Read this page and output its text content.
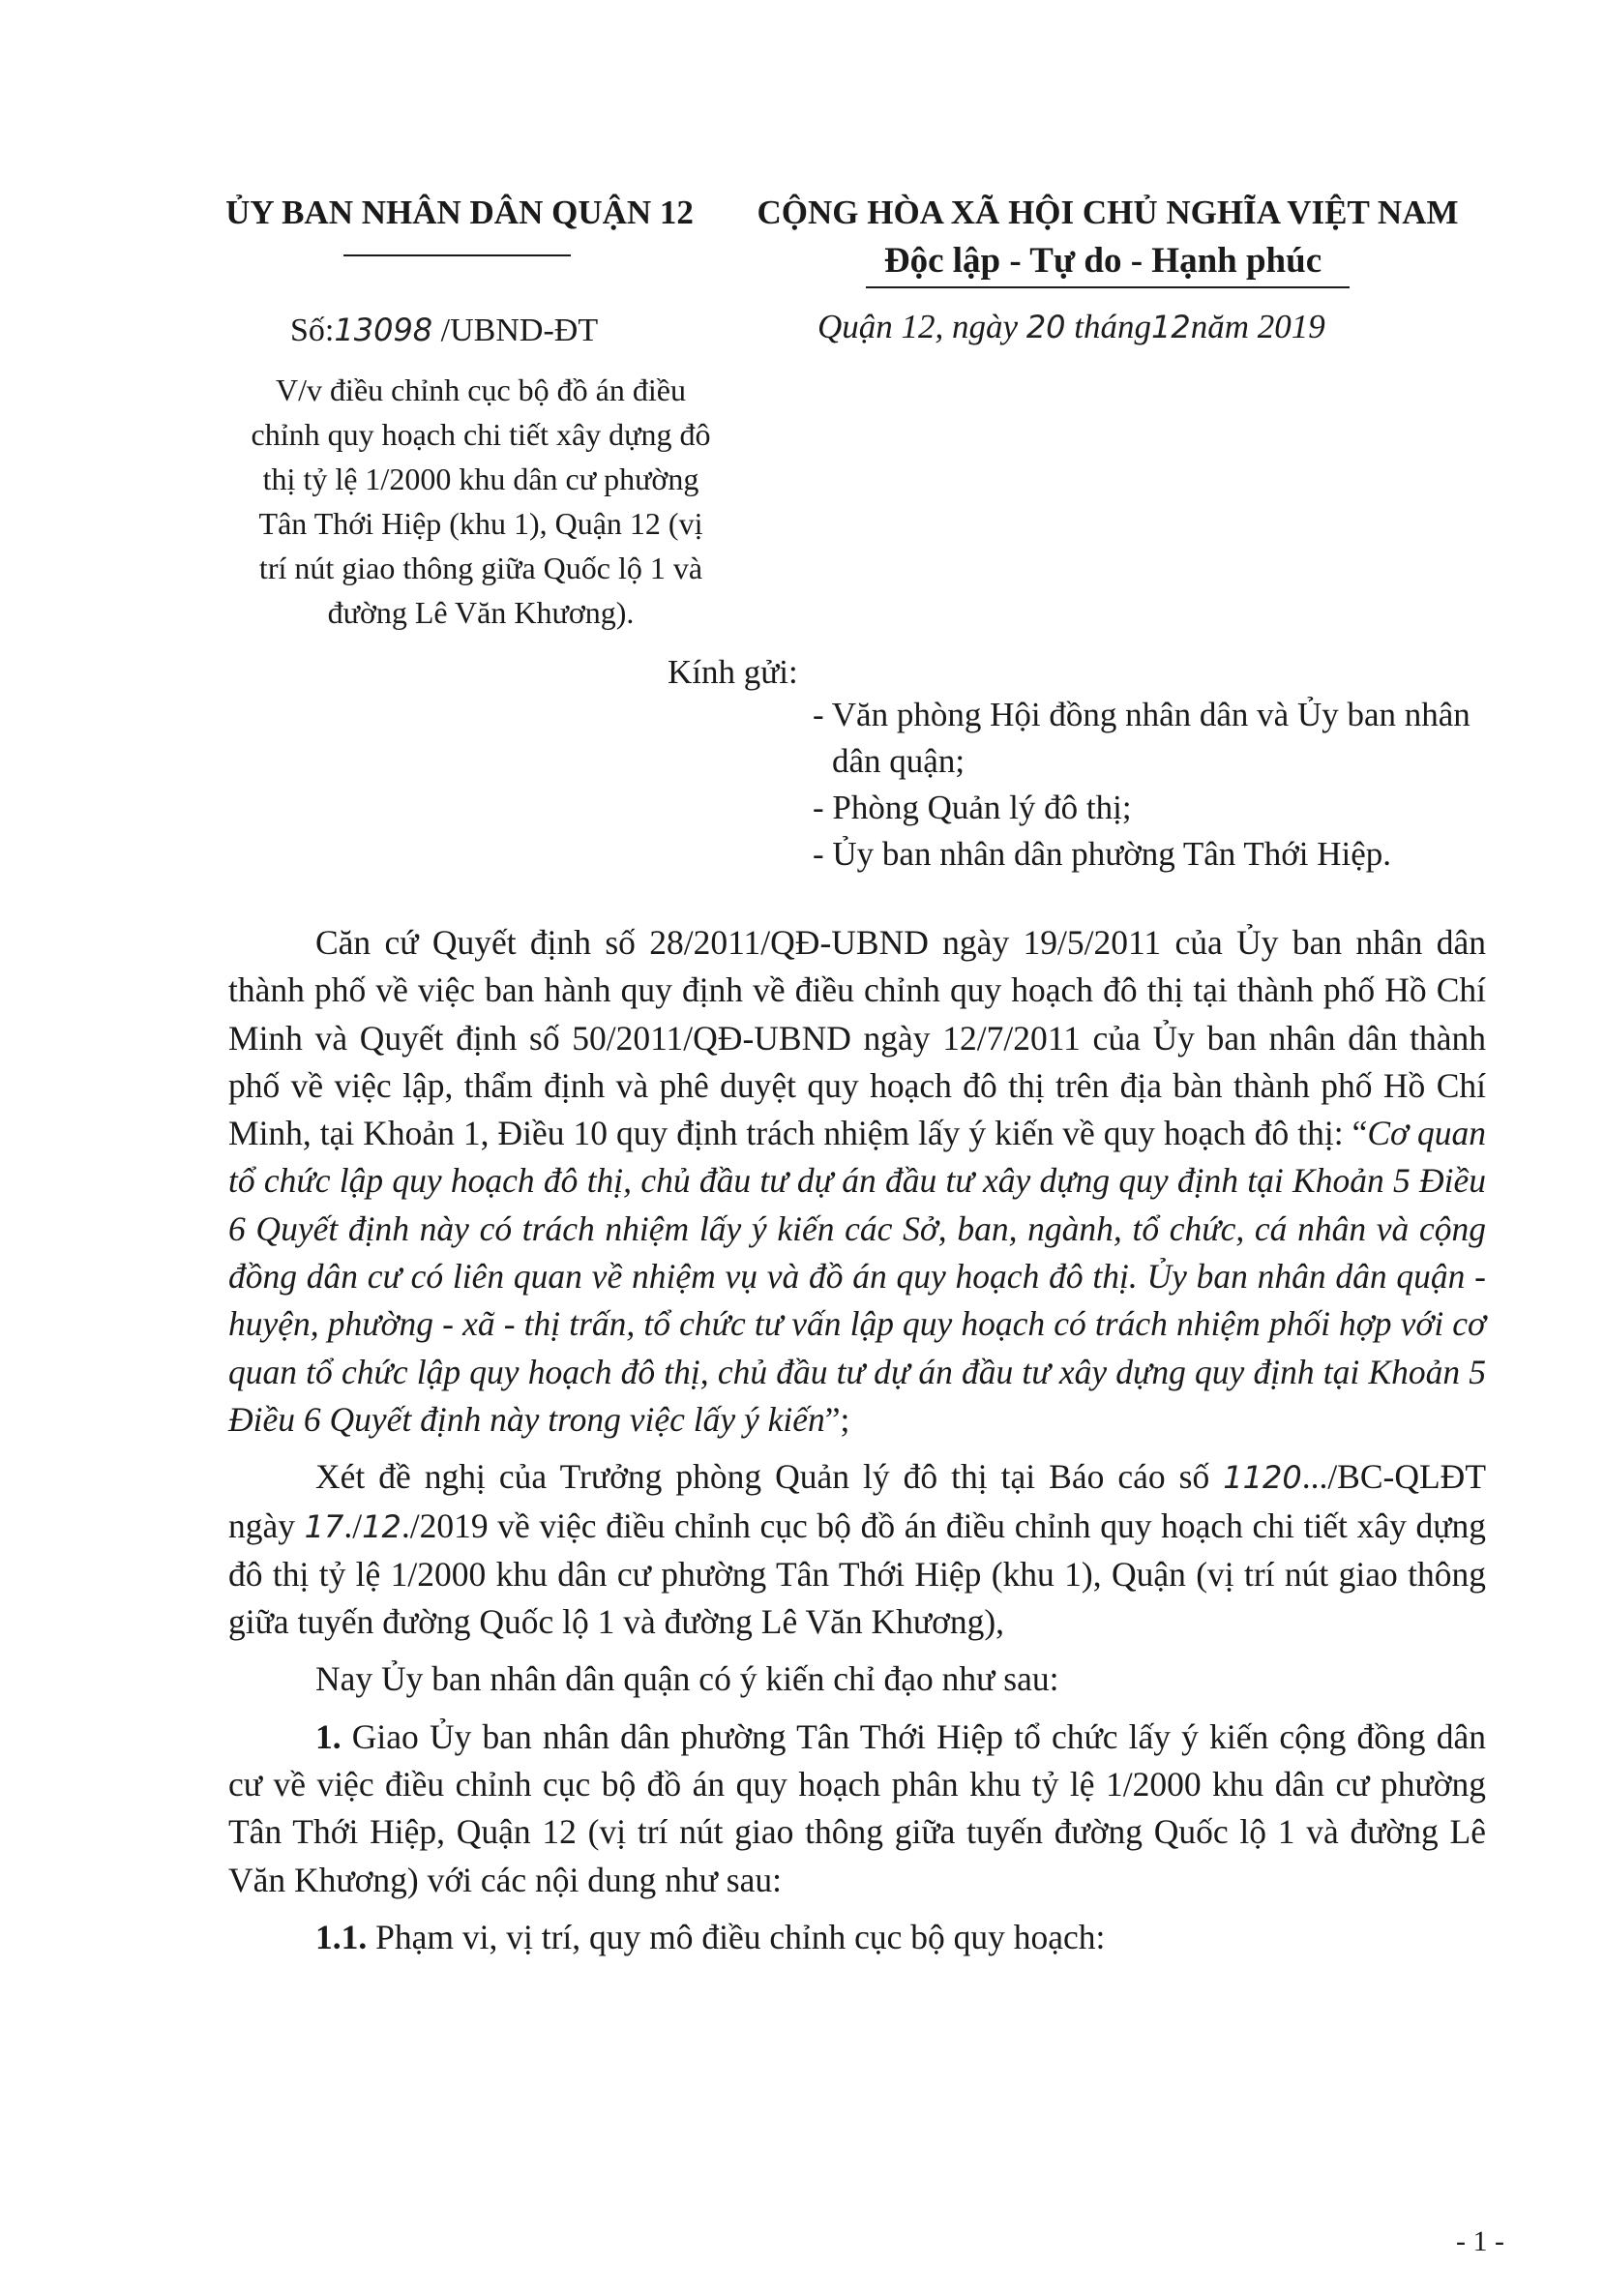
ỦY BAN NHÂN DÂN QUẬN 12	CỘNG HÒA XÃ HỘI CHỦ NGHĨA VIỆT NAM
Độc lập - Tự do - Hạnh phúc
Số:13098 /UBND-ĐT	Quận 12, ngày 20 tháng12năm 2019
V/v điều chỉnh cục bộ đồ án điều
chỉnh quy hoạch chi tiết xây dựng đô
thị tỷ lệ 1/2000 khu dân cư phường
Tân Thới Hiệp (khu 1), Quận 12 (vị
trí nút giao thông giữa Quốc lộ 1 và
đường Lê Văn Khương).
Kính gửi:
- Văn phòng Hội đồng nhân dân và Ủy ban nhân dân quận;
- Phòng Quản lý đô thị;
- Ủy ban nhân dân phường Tân Thới Hiệp.

Căn cứ Quyết định số 28/2011/QĐ-UBND ngày 19/5/2011 của Ủy ban nhân dân thành phố về việc ban hành quy định về điều chỉnh quy hoạch đô thị tại thành phố Hồ Chí Minh và Quyết định số 50/2011/QĐ-UBND ngày 12/7/2011 của Ủy ban nhân dân thành phố về việc lập, thẩm định và phê duyệt quy hoạch đô thị trên địa bàn thành phố Hồ Chí Minh, tại Khoản 1, Điều 10 quy định trách nhiệm lấy ý kiến về quy hoạch đô thị: “Cơ quan tổ chức lập quy hoạch đô thị, chủ đầu tư dự án đầu tư xây dựng quy định tại Khoản 5 Điều 6 Quyết định này có trách nhiệm lấy ý kiến các Sở, ban, ngành, tổ chức, cá nhân và cộng đồng dân cư có liên quan về nhiệm vụ và đồ án quy hoạch đô thị. Ủy ban nhân dân quận - huyện, phường - xã - thị trấn, tổ chức tư vấn lập quy hoạch có trách nhiệm phối hợp với cơ quan tổ chức lập quy hoạch đô thị, chủ đầu tư dự án đầu tư xây dựng quy định tại Khoản 5 Điều 6 Quyết định này trong việc lấy ý kiến”;

Xét đề nghị của Trưởng phòng Quản lý đô thị tại Báo cáo số 1120.../BC-QLĐT ngày 17./12./2019 về việc điều chỉnh cục bộ đồ án điều chỉnh quy hoạch chi tiết xây dựng đô thị tỷ lệ 1/2000 khu dân cư phường Tân Thới Hiệp (khu 1), Quận (vị trí nút giao thông giữa tuyến đường Quốc lộ 1 và đường Lê Văn Khương),

Nay Ủy ban nhân dân quận có ý kiến chỉ đạo như sau:

1. Giao Ủy ban nhân dân phường Tân Thới Hiệp tổ chức lấy ý kiến cộng đồng dân cư về việc điều chỉnh cục bộ đồ án quy hoạch phân khu tỷ lệ 1/2000 khu dân cư phường Tân Thới Hiệp, Quận 12 (vị trí nút giao thông giữa tuyến đường Quốc lộ 1 và đường Lê Văn Khương) với các nội dung như sau:

1.1. Phạm vi, vị trí, quy mô điều chỉnh cục bộ quy hoạch:

- 1 -
